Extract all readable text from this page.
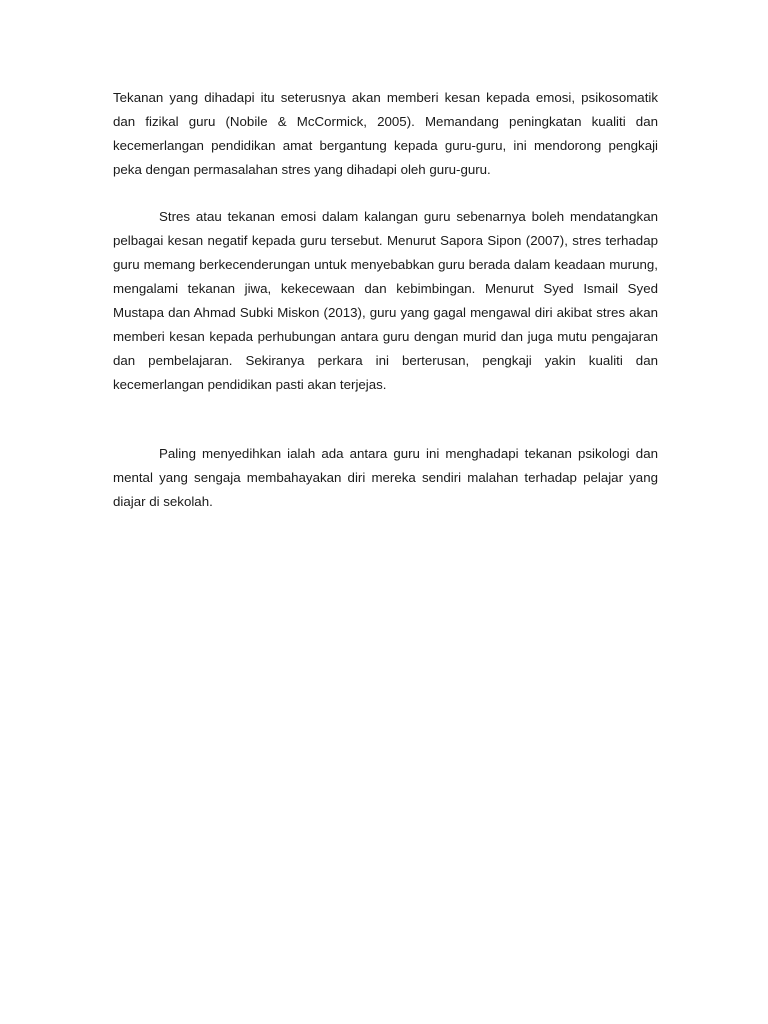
Tekanan yang dihadapi itu seterusnya akan memberi kesan kepada emosi, psikosomatik dan fizikal guru (Nobile & McCormick, 2005). Memandang peningkatan kualiti dan kecemerlangan pendidikan amat bergantung kepada guru-guru, ini mendorong pengkaji peka dengan permasalahan stres yang dihadapi oleh guru-guru.

Stres atau tekanan emosi dalam kalangan guru sebenarnya boleh mendatangkan pelbagai kesan negatif kepada guru tersebut. Menurut Sapora Sipon (2007), stres terhadap guru memang berkecenderungan untuk menyebabkan guru berada dalam keadaan murung, mengalami tekanan jiwa, kekecewaan dan kebimbingan. Menurut Syed Ismail Syed Mustapa dan Ahmad Subki Miskon (2013), guru yang gagal mengawal diri akibat stres akan memberi kesan kepada perhubungan antara guru dengan murid dan juga mutu pengajaran dan pembelajaran. Sekiranya perkara ini berterusan, pengkaji yakin kualiti dan kecemerlangan pendidikan pasti akan terjejas.

Paling menyedihkan ialah ada antara guru ini menghadapi tekanan psikologi dan mental yang sengaja membahayakan diri mereka sendiri malahan terhadap pelajar yang diajar di sekolah.
